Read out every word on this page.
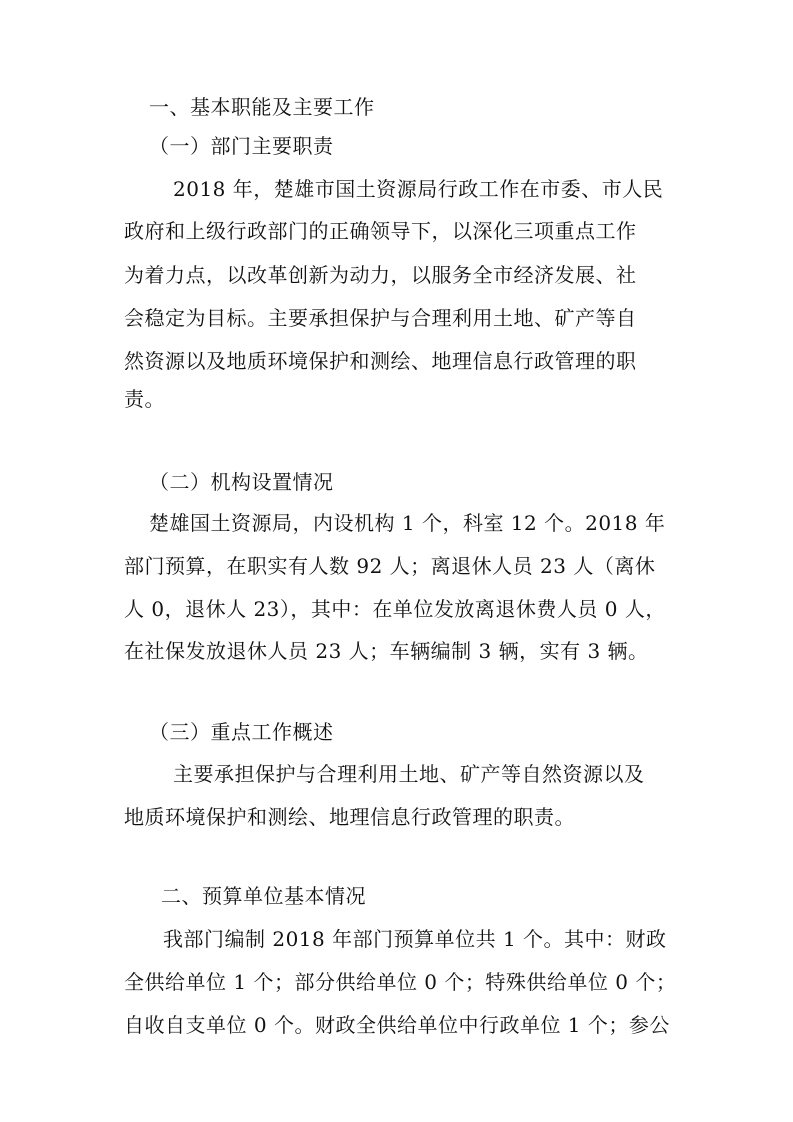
一、基本职能及主要工作
（一）部门主要职责
2018 年，楚雄市国土资源局行政工作在市委、市人民
政府和上级行政部门的正确领导下，以深化三项重点工作
为着力点，以改革创新为动力，以服务全市经济发展、社
会稳定为目标。主要承担保护与合理利用土地、矿产等自
然资源以及地质环境保护和测绘、地理信息行政管理的职
责。
（二）机构设置情况
楚雄国土资源局，内设机构 1 个，科室 12 个。2018 年
部门预算，在职实有人数 92 人；离退休人员 23 人（离休
人 0，退休人 23），其中：在单位发放离退休费人员 0 人，
在社保发放退休人员 23 人；车辆编制 3 辆，实有 3 辆。
（三）重点工作概述
主要承担保护与合理利用土地、矿产等自然资源以及
地质环境保护和测绘、地理信息行政管理的职责。
二、预算单位基本情况
我部门编制 2018 年部门预算单位共 1 个。其中：财政
全供给单位 1 个；部分供给单位 0 个；特殊供给单位 0 个；
自收自支单位 0 个。财政全供给单位中行政单位 1 个；参公
